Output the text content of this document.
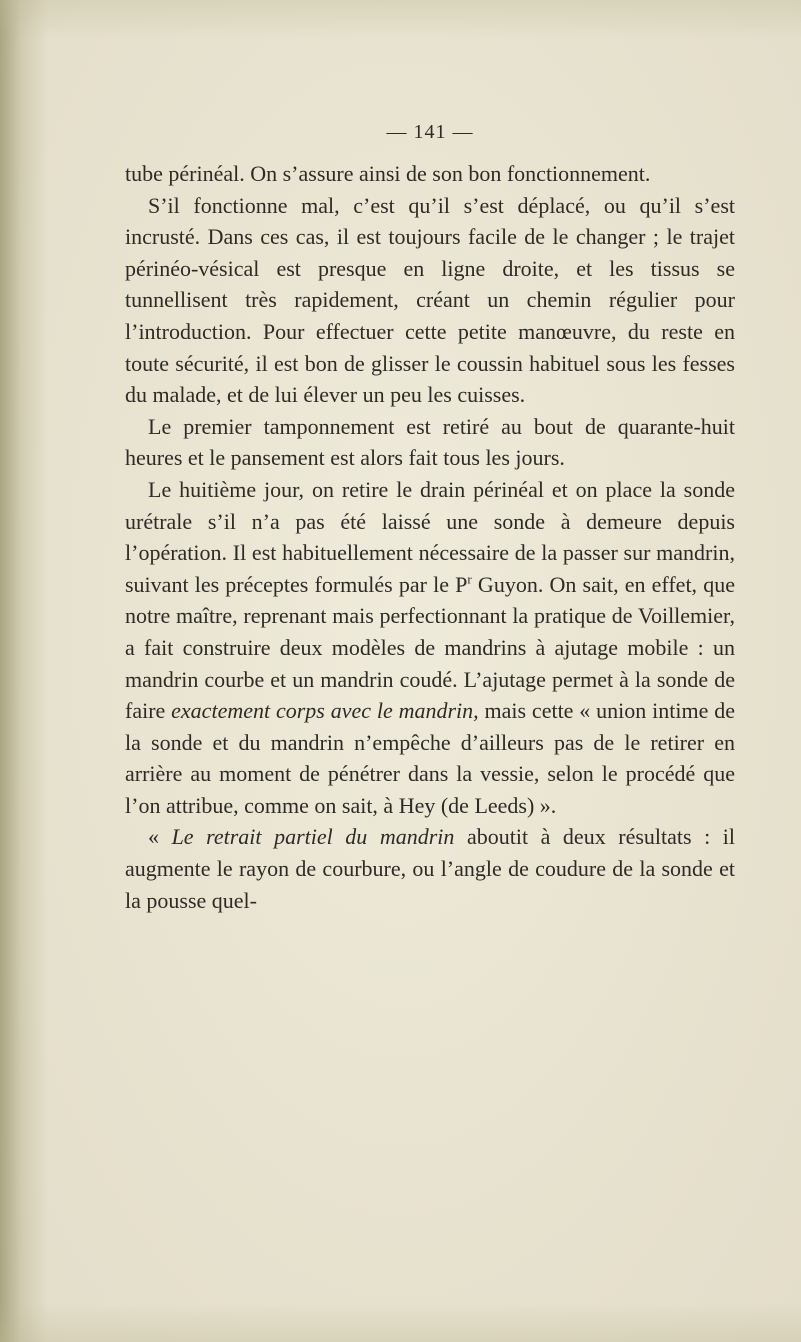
— 141 —

tube périnéal. On s’assure ainsi de son bon fonctionnement.

S’il fonctionne mal, c’est qu’il s’est déplacé, ou qu’il s’est incrusté. Dans ces cas, il est toujours facile de le changer ; le trajet périnéo-vésical est presque en ligne droite, et les tissus se tunnellisent très rapidement, créant un chemin régulier pour l’introduction. Pour effectuer cette petite manœuvre, du reste en toute sécurité, il est bon de glisser le coussin habituel sous les fesses du malade, et de lui élever un peu les cuisses.

Le premier tamponnement est retiré au bout de quarante-huit heures et le pansement est alors fait tous les jours.

Le huitième jour, on retire le drain périnéal et on place la sonde urétrale s’il n’a pas été laissé une sonde à demeure depuis l’opération. Il est habituellement nécessaire de la passer sur mandrin, suivant les préceptes formulés par le $P^r$ Guyon. On sait, en effet, que notre maître, reprenant mais perfectionnant la pratique de Voillemier, a fait construire deux modèles de mandrins à ajutage mobile : un mandrin courbe et un mandrin coudé. L’ajutage permet à la sonde de faire exactement corps avec le mandrin, mais cette « union intime de la sonde et du mandrin n’empêche d’ailleurs pas de le retirer en arrière au moment de pénétrer dans la vessie, selon le procédé que l’on attribue, comme on sait, à Hey (de Leeds) ».

« Le retrait partiel du mandrin aboutit à deux résultats : il augmente le rayon de courbure, ou l’angle de coudure de la sonde et la pousse quel-
